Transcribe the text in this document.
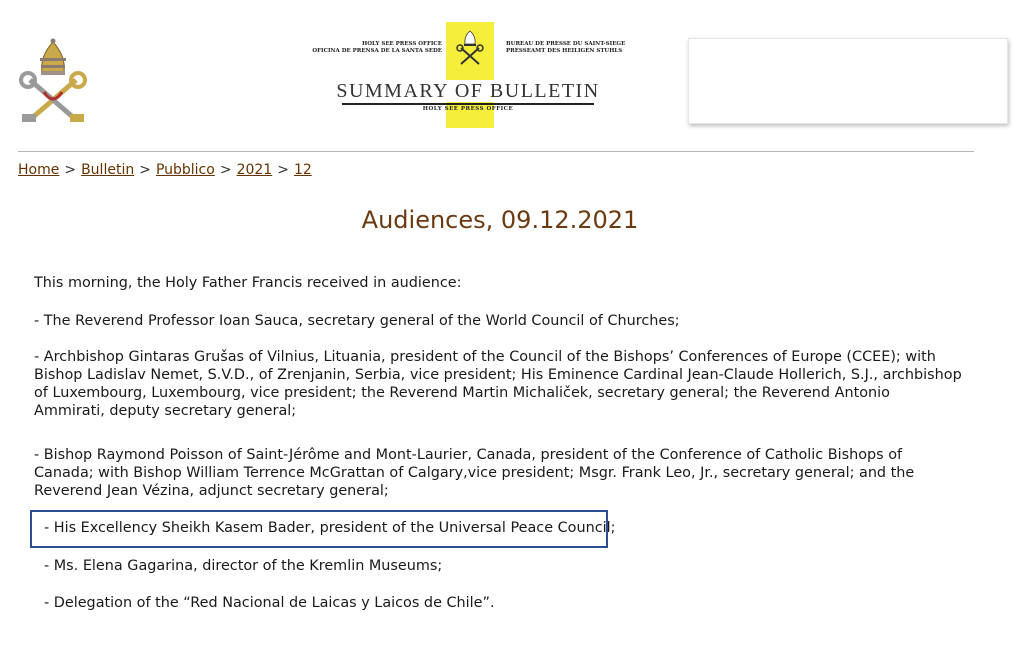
HOLY SEE PRESS OFFICE
OFICINA DE PRENSA DE LA SANTA SEDE
BUREAU DE PRESSE DU SAINT-SIEGE
PRESSEAMT DES HEILIGEN STUHLS
SUMMARY OF BULLETIN
HOLY SEE PRESS OFFICE
Home > Bulletin > Pubblico > 2021 > 12
Audiences, 09.12.2021

This morning, the Holy Father Francis received in audience:

- The Reverend Professor Ioan Sauca, secretary general of the World Council of Churches;

- Archbishop Gintaras Grušas of Vilnius, Lituania, president of the Council of the Bishops’ Conferences of Europe (CCEE); with Bishop Ladislav Nemet, S.V.D., of Zrenjanin, Serbia, vice president; His Eminence Cardinal Jean-Claude Hollerich, S.J., archbishop of Luxembourg, Luxembourg, vice president; the Reverend Martin Michaliček, secretary general; the Reverend Antonio Ammirati, deputy secretary general;

- Bishop Raymond Poisson of Saint-Jérôme and Mont-Laurier, Canada, president of the Conference of Catholic Bishops of Canada; with Bishop William Terrence McGrattan of Calgary,vice president; Msgr. Frank Leo, Jr., secretary general; and the Reverend Jean Vézina, adjunct secretary general;

- His Excellency Sheikh Kasem Bader, president of the Universal Peace Council;

- Ms. Elena Gagarina, director of the Kremlin Museums;

- Delegation of the “Red Nacional de Laicas y Laicos de Chile”.
